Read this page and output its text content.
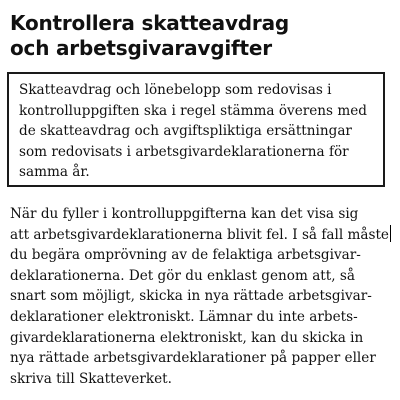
Kontrollera skatteavdrag
och arbetsgivaravgifter
Skatteavdrag och lönebelopp som redovisas i
kontrolluppgiften ska i regel stämma överens med
de skatteavdrag och avgiftspliktiga ersättningar
som redovisats i arbetsgivardeklarationerna för
samma år.
När du fyller i kontrolluppgifterna kan det visa sig
att arbetsgivardeklarationerna blivit fel. I så fall måste
du begära omprövning av de felaktiga arbetsgivar-
deklarationerna. Det gör du enklast genom att, så
snart som möjligt, skicka in nya rättade arbetsgivar-
deklarationer elektroniskt. Lämnar du inte arbets-
givardeklarationerna elektroniskt, kan du skicka in
nya rättade arbetsgivardeklarationer på papper eller
skriva till Skatteverket.
